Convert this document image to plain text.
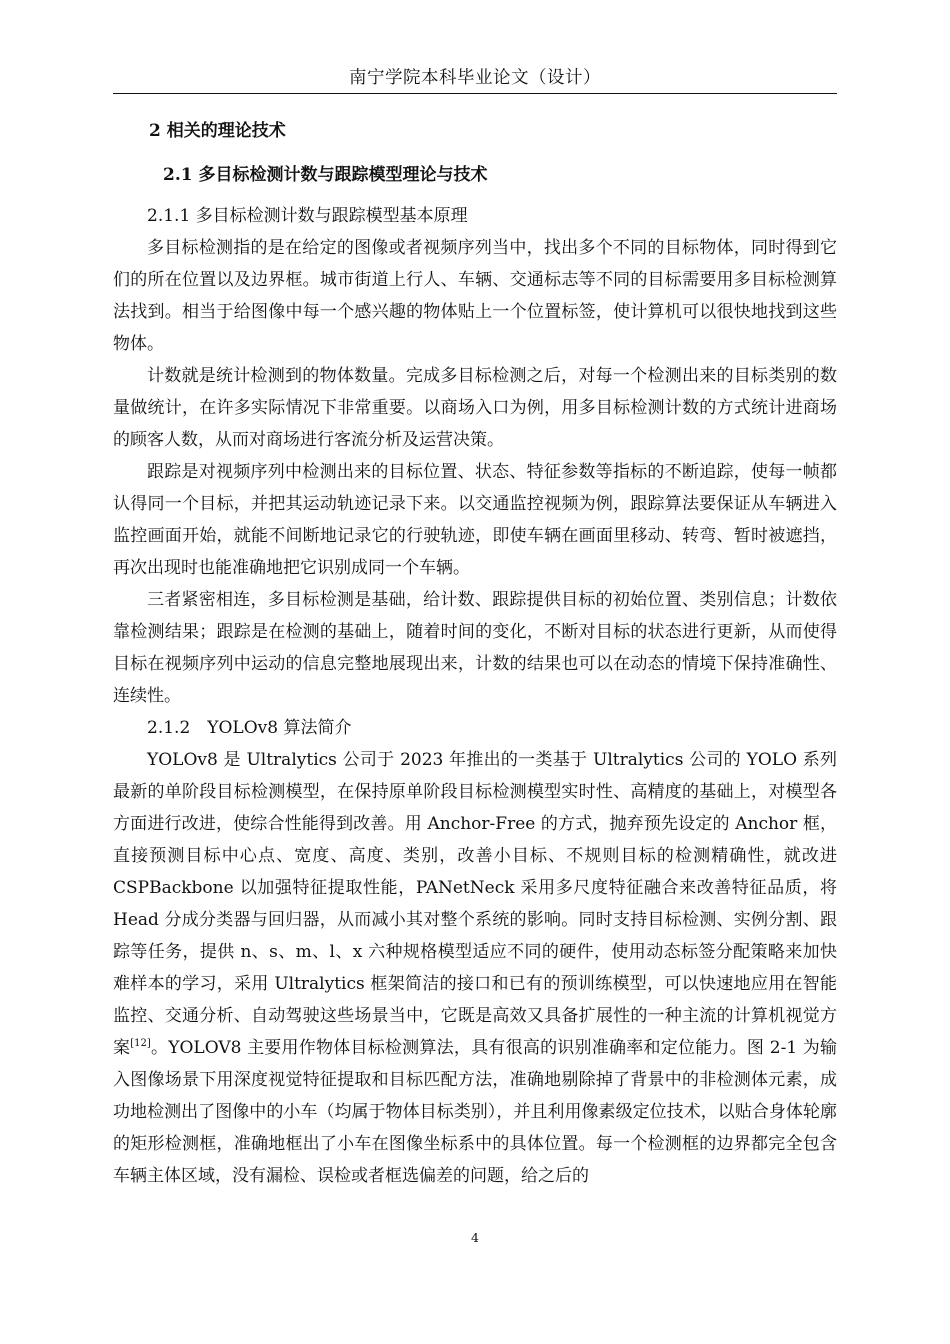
南宁学院本科毕业论文（设计）
2 相关的理论技术
2.1 多目标检测计数与跟踪模型理论与技术

2.1.1 多目标检测计数与跟踪模型基本原理

多目标检测指的是在给定的图像或者视频序列当中，找出多个不同的目标物体，同时得到它们的所在位置以及边界框。城市街道上行人、车辆、交通标志等不同的目标需要用多目标检测算法找到。相当于给图像中每一个感兴趣的物体贴上一个位置标签，使计算机可以很快地找到这些物体。

计数就是统计检测到的物体数量。完成多目标检测之后，对每一个检测出来的目标类别的数量做统计，在许多实际情况下非常重要。以商场入口为例，用多目标检测计数的方式统计进商场的顾客人数，从而对商场进行客流分析及运营决策。

跟踪是对视频序列中检测出来的目标位置、状态、特征参数等指标的不断追踪，使每一帧都认得同一个目标，并把其运动轨迹记录下来。以交通监控视频为例，跟踪算法要保证从车辆进入监控画面开始，就能不间断地记录它的行驶轨迹，即使车辆在画面里移动、转弯、暂时被遮挡，再次出现时也能准确地把它识别成同一个车辆。

三者紧密相连，多目标检测是基础，给计数、跟踪提供目标的初始位置、类别信息；计数依靠检测结果；跟踪是在检测的基础上，随着时间的变化，不断对目标的状态进行更新，从而使得目标在视频序列中运动的信息完整地展现出来，计数的结果也可以在动态的情境下保持准确性、连续性。

2.1.2　YOLOv8 算法简介

YOLOv8 是 Ultralytics 公司于 2023 年推出的一类基于 Ultralytics 公司的 YOLO 系列最新的单阶段目标检测模型，在保持原单阶段目标检测模型实时性、高精度的基础上，对模型各方面进行改进，使综合性能得到改善。用 Anchor-Free 的方式，抛弃预先设定的 Anchor 框，直接预测目标中心点、宽度、高度、类别，改善小目标、不规则目标的检测精确性，就改进 CSPBackbone 以加强特征提取性能，PANetNeck 采用多尺度特征融合来改善特征品质，将 Head 分成分类器与回归器，从而减小其对整个系统的影响。同时支持目标检测、实例分割、跟踪等任务，提供 n、s、m、l、x 六种规格模型适应不同的硬件，使用动态标签分配策略来加快难样本的学习，采用 Ultralytics 框架简洁的接口和已有的预训练模型，可以快速地应用在智能监控、交通分析、自动驾驶这些场景当中，它既是高效又具备扩展性的一种主流的计算机视觉方案[12]。YOLOV8 主要用作物体目标检测算法，具有很高的识别准确率和定位能力。图 2-1 为输入图像场景下用深度视觉特征提取和目标匹配方法，准确地剔除掉了背景中的非检测体元素，成功地检测出了图像中的小车（均属于物体目标类别），并且利用像素级定位技术，以贴合身体轮廓的矩形检测框，准确地框出了小车在图像坐标系中的具体位置。每一个检测框的边界都完全包含车辆主体区域，没有漏检、误检或者框选偏差的问题，给之后的

4
